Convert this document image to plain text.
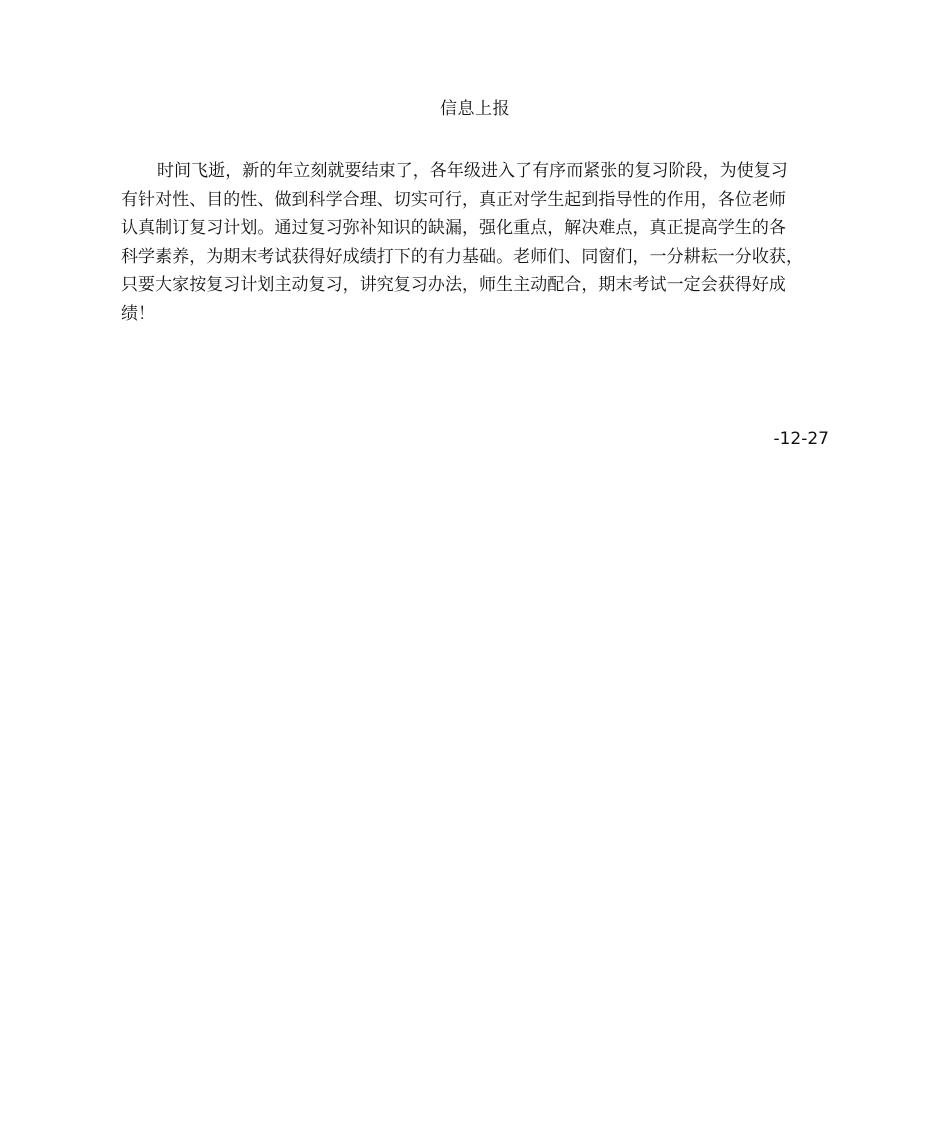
信息上报
时间飞逝，新的年立刻就要结束了，各年级进入了有序而紧张的复习阶段，为使复习
有针对性、目的性、做到科学合理、切实可行，真正对学生起到指导性的作用，各位老师
认真制订复习计划。通过复习弥补知识的缺漏，强化重点，解决难点，真正提高学生的各
科学素养，为期末考试获得好成绩打下的有力基础。老师们、同窗们，一分耕耘一分收获，
只要大家按复习计划主动复习，讲究复习办法，师生主动配合，期末考试一定会获得好成
绩！
-12-27
